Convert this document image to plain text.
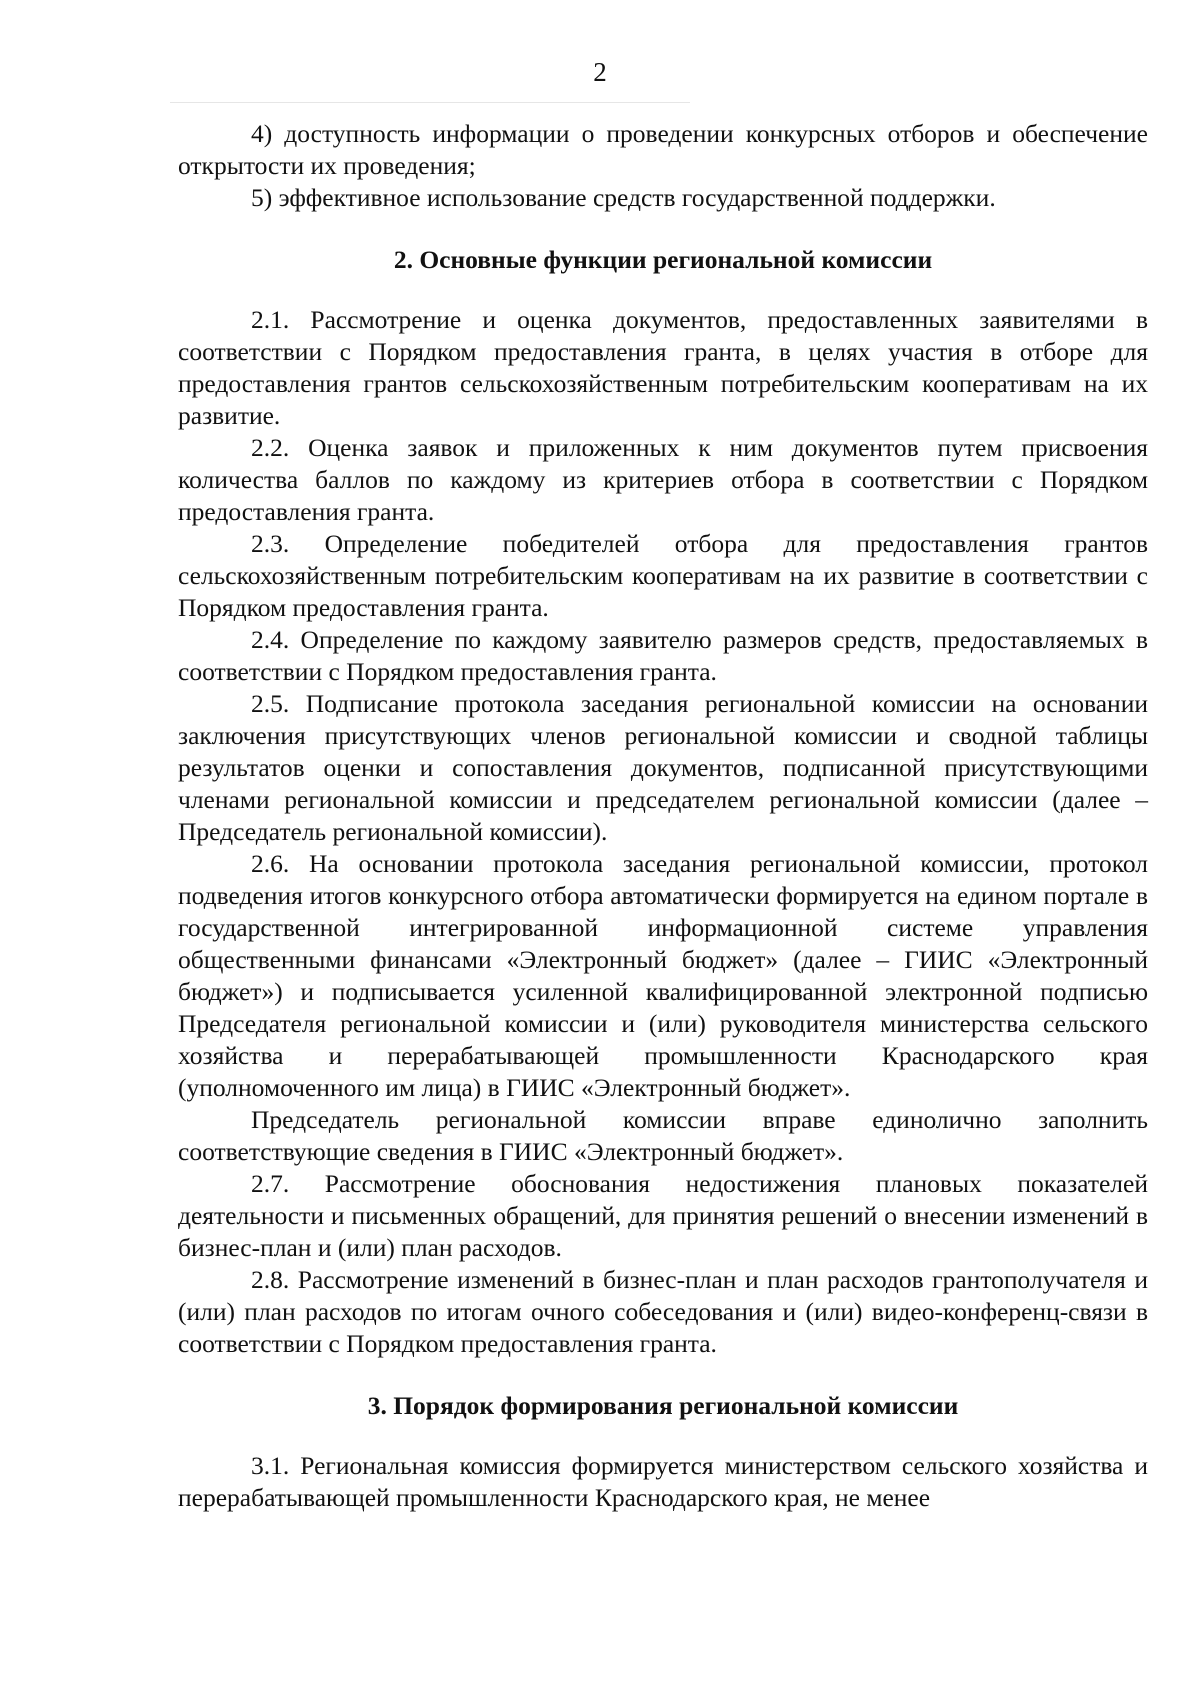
2

4) доступность информации о проведении конкурсных отборов и обеспечение открытости их проведения;

5) эффективное использование средств государственной поддержки.

2. Основные функции региональной комиссии

2.1. Рассмотрение и оценка документов, предоставленных заявителями в соответствии с Порядком предоставления гранта, в целях участия в отборе для предоставления грантов сельскохозяйственным потребительским кооперативам на их развитие.

2.2. Оценка заявок и приложенных к ним документов путем присвоения количества баллов по каждому из критериев отбора в соответствии с Порядком предоставления гранта.

2.3. Определение победителей отбора для предоставления грантов сельскохозяйственным потребительским кооперативам на их развитие в соответствии с Порядком предоставления гранта.

2.4. Определение по каждому заявителю размеров средств, предоставляемых в соответствии с Порядком предоставления гранта.

2.5. Подписание протокола заседания региональной комиссии на основании заключения присутствующих членов региональной комиссии и сводной таблицы результатов оценки и сопоставления документов, подписанной присутствующими членами региональной комиссии и председателем региональной комиссии (далее – Председатель региональной комиссии).

2.6. На основании протокола заседания региональной комиссии, протокол подведения итогов конкурсного отбора автоматически формируется на едином портале в государственной интегрированной информационной системе управления общественными финансами «Электронный бюджет» (далее – ГИИС «Электронный бюджет») и подписывается усиленной квалифицированной электронной подписью Председателя региональной комиссии и (или) руководителя министерства сельского хозяйства и перерабатывающей промышленности Краснодарского края (уполномоченного им лица) в ГИИС «Электронный бюджет».

Председатель региональной комиссии вправе единолично заполнить соответствующие сведения в ГИИС «Электронный бюджет».

2.7. Рассмотрение обоснования недостижения плановых показателей деятельности и письменных обращений, для принятия решений о внесении изменений в бизнес-план и (или) план расходов.

2.8. Рассмотрение изменений в бизнес-план и план расходов грантополучателя и (или) план расходов по итогам очного собеседования и (или) видео-конференц-связи в соответствии с Порядком предоставления гранта.

3. Порядок формирования региональной комиссии

3.1. Региональная комиссия формируется министерством сельского хозяйства и перерабатывающей промышленности Краснодарского края, не менее
